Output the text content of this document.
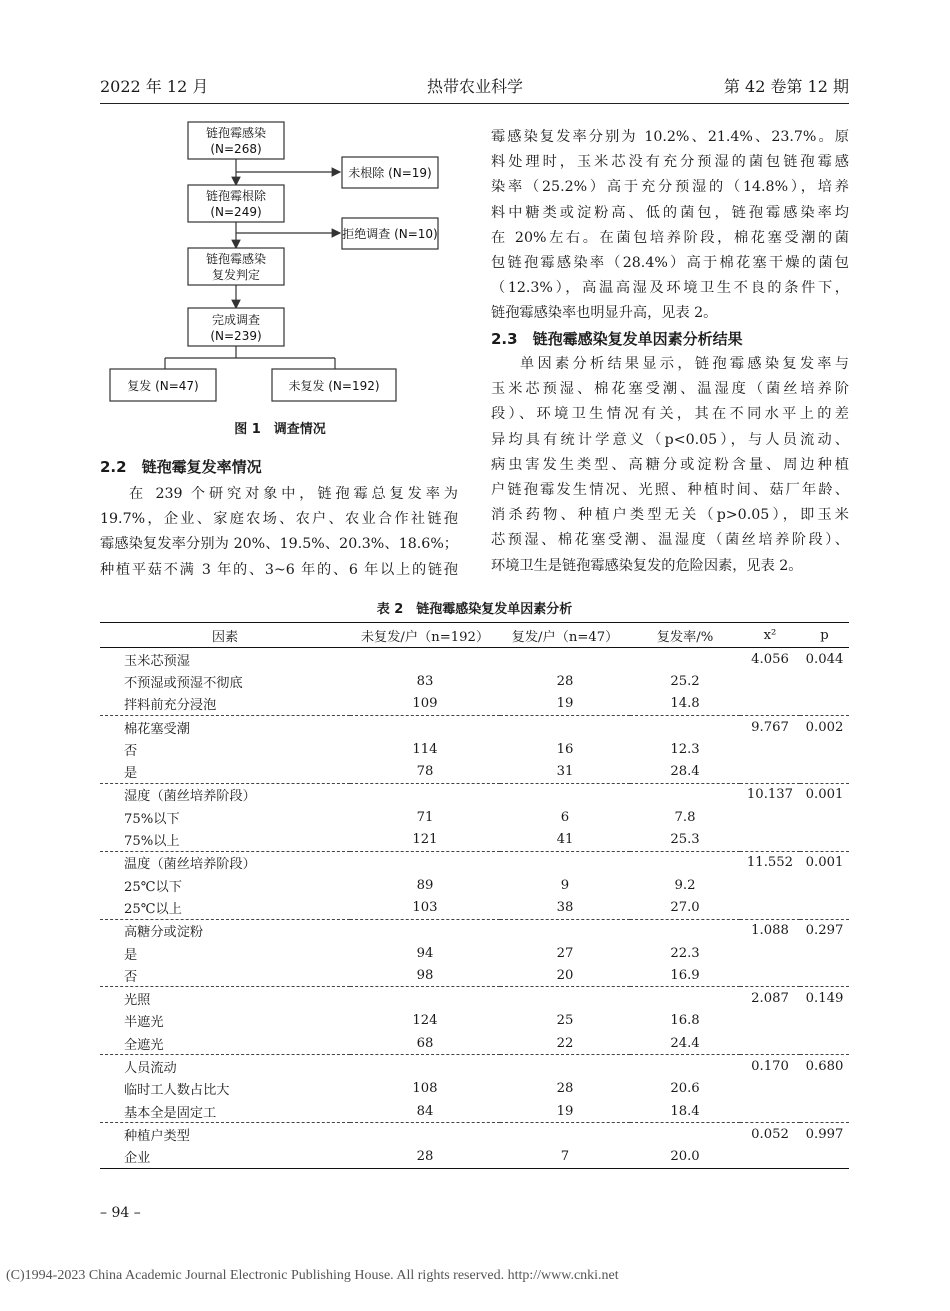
2022 年 12 月	热带农业科学	第 42 卷第 12 期
链孢霉感染
(N=268)
未根除 (N=19)
链孢霉根除
(N=249)
拒绝调查 (N=10)
链孢霉感染
复发判定
完成调查
(N=239)
复发 (N=47)	未复发 (N=192)
图 1　调查情况
2.2　链孢霉复发率情况
在 239 个研究对象中，链孢霉总复发率为
19.7%，企业、家庭农场、农户、农业合作社链孢
霉感染复发率分别为 20%、19.5%、20.3%、18.6%；
种植平菇不满 3 年的、3~6 年的、6 年以上的链孢
霉感染复发率分别为 10.2%、21.4%、23.7%。原
料处理时，玉米芯没有充分预湿的菌包链孢霉感
染率（25.2%）高于充分预湿的（14.8%），培养
料中糖类或淀粉高、低的菌包，链孢霉感染率均
在 20%左右。在菌包培养阶段，棉花塞受潮的菌
包链孢霉感染率（28.4%）高于棉花塞干燥的菌包
（12.3%），高温高湿及环境卫生不良的条件下，
链孢霉感染率也明显升高，见表 2。
2.3　链孢霉感染复发单因素分析结果
单因素分析结果显示，链孢霉感染复发率与
玉米芯预湿、棉花塞受潮、温湿度（菌丝培养阶
段）、环境卫生情况有关，其在不同水平上的差
异均具有统计学意义（p<0.05），与人员流动、
病虫害发生类型、高糖分或淀粉含量、周边种植
户链孢霉发生情况、光照、种植时间、菇厂年龄、
消杀药物、种植户类型无关（p>0.05），即玉米
芯预湿、棉花塞受潮、温湿度（菌丝培养阶段）、
环境卫生是链孢霉感染复发的危险因素，见表 2。
表 2　链孢霉感染复发单因素分析
因素	未复发/户（n=192）	复发/户（n=47）	复发率/%	x²	p
玉米芯预湿				4.056	0.044
不预湿或预湿不彻底	83	28	25.2		
拌料前充分浸泡	109	19	14.8		
棉花塞受潮				9.767	0.002
否	114	16	12.3		
是	78	31	28.4		
湿度（菌丝培养阶段）				10.137	0.001
75%以下	71	6	7.8		
75%以上	121	41	25.3		
温度（菌丝培养阶段）				11.552	0.001
25℃以下	89	9	9.2		
25℃以上	103	38	27.0		
高糖分或淀粉				1.088	0.297
是	94	27	22.3		
否	98	20	16.9		
光照				2.087	0.149
半遮光	124	25	16.8		
全遮光	68	22	24.4		
人员流动				0.170	0.680
临时工人数占比大	108	28	20.6		
基本全是固定工	84	19	18.4		
种植户类型				0.052	0.997
企业	28	7	20.0		
– 94 –
(C)1994-2023 China Academic Journal Electronic Publishing House. All rights reserved. http://www.cnki.net
